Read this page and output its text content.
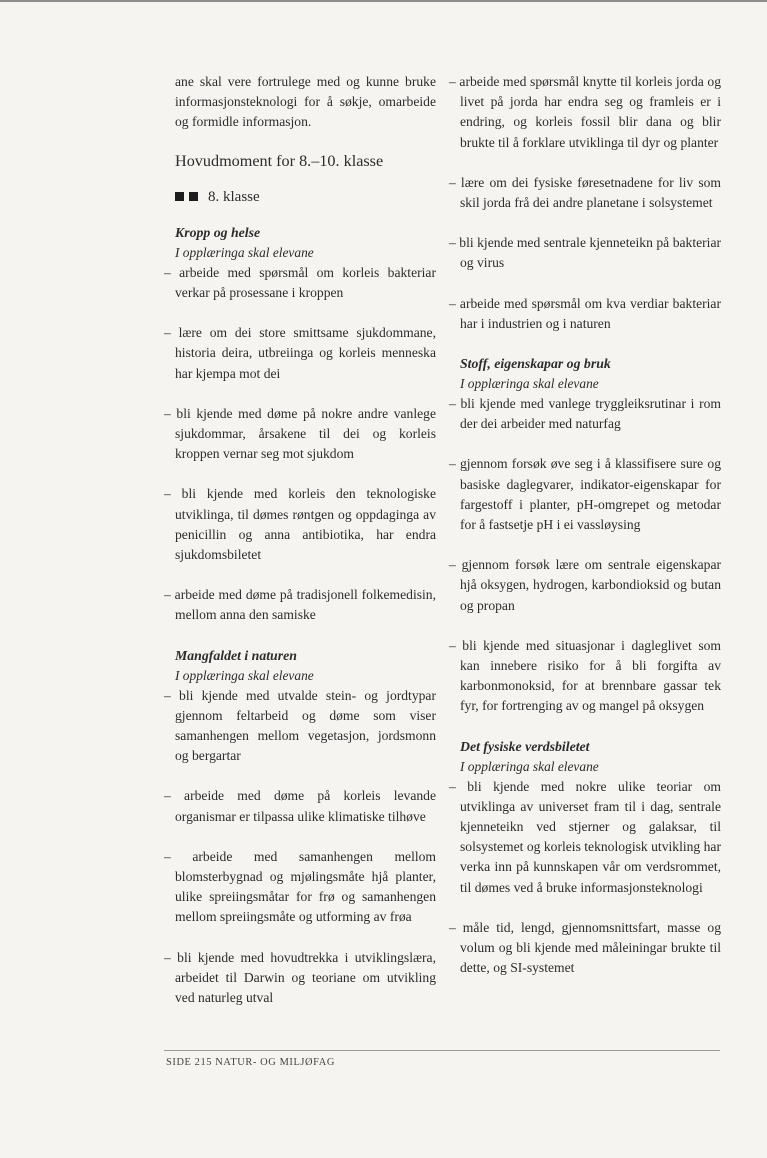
ane skal vere fortrulege med og kunne bruke informasjonsteknologi for å søkje, omarbeide og formidle informasjon.

Hovudmoment for 8.–10. klasse
8. klasse

Kropp og helse

I opplæringa skal elevane

– arbeide med spørsmål om korleis bakteriar verkar på prosessane i kroppen

– lære om dei store smittsame sjukdommane, historia deira, utbreiinga og korleis menneska har kjempa mot dei

– bli kjende med døme på nokre andre vanlege sjukdommar, årsakene til dei og korleis kroppen vernar seg mot sjukdom

– bli kjende med korleis den teknologiske utviklinga, til dømes røntgen og oppdaginga av penicillin og anna antibiotika, har endra sjukdomsbiletet

– arbeide med døme på tradisjonell folkemedisin, mellom anna den samiske

Mangfaldet i naturen

I opplæringa skal elevane

– bli kjende med utvalde stein- og jordtypar gjennom feltarbeid og døme som viser samanhengen mellom vegetasjon, jordsmonn og bergartar

– arbeide med døme på korleis levande organismar er tilpassa ulike klimatiske tilhøve

– arbeide med samanhengen mellom blomsterbygnad og mjølingsmåte hjå planter, ulike spreiingsmåtar for frø og samanhengen mellom spreiingsmåte og utforming av frøa

– bli kjende med hovudtrekka i utviklingslæra, arbeidet til Darwin og teoriane om utvikling ved naturleg utval

– arbeide med spørsmål knytte til korleis jorda og livet på jorda har endra seg og framleis er i endring, og korleis fossil blir dana og blir brukte til å forklare utviklinga til dyr og planter

– lære om dei fysiske føresetnadene for liv som skil jorda frå dei andre planetane i solsystemet

– bli kjende med sentrale kjenneteikn på bakteriar og virus

– arbeide med spørsmål om kva verdiar bakteriar har i industrien og i naturen

Stoff, eigenskapar og bruk

I opplæringa skal elevane

– bli kjende med vanlege tryggleiksrutinar i rom der dei arbeider med naturfag

– gjennom forsøk øve seg i å klassifisere sure og basiske daglegvarer, indikator-eigenskapar for fargestoff i planter, pH-omgrepet og metodar for å fastsetje pH i ei vassløysing

– gjennom forsøk lære om sentrale eigenskapar hjå oksygen, hydrogen, karbondioksid og butan og propan

– bli kjende med situasjonar i dagleglivet som kan innebere risiko for å bli forgifta av karbonmonoksid, for at brennbare gassar tek fyr, for fortrenging av og mangel på oksygen

Det fysiske verdsbiletet

I opplæringa skal elevane

– bli kjende med nokre ulike teoriar om utviklinga av universet fram til i dag, sentrale kjenneteikn ved stjerner og galaksar, til solsystemet og korleis teknologisk utvikling har verka inn på kunnskapen vår om verdsrommet, til dømes ved å bruke informasjonsteknologi

– måle tid, lengd, gjennomsnittsfart, masse og volum og bli kjende med måleiningar brukte til dette, og SI-systemet

SIDE 215 NATUR- OG MILJØFAG
